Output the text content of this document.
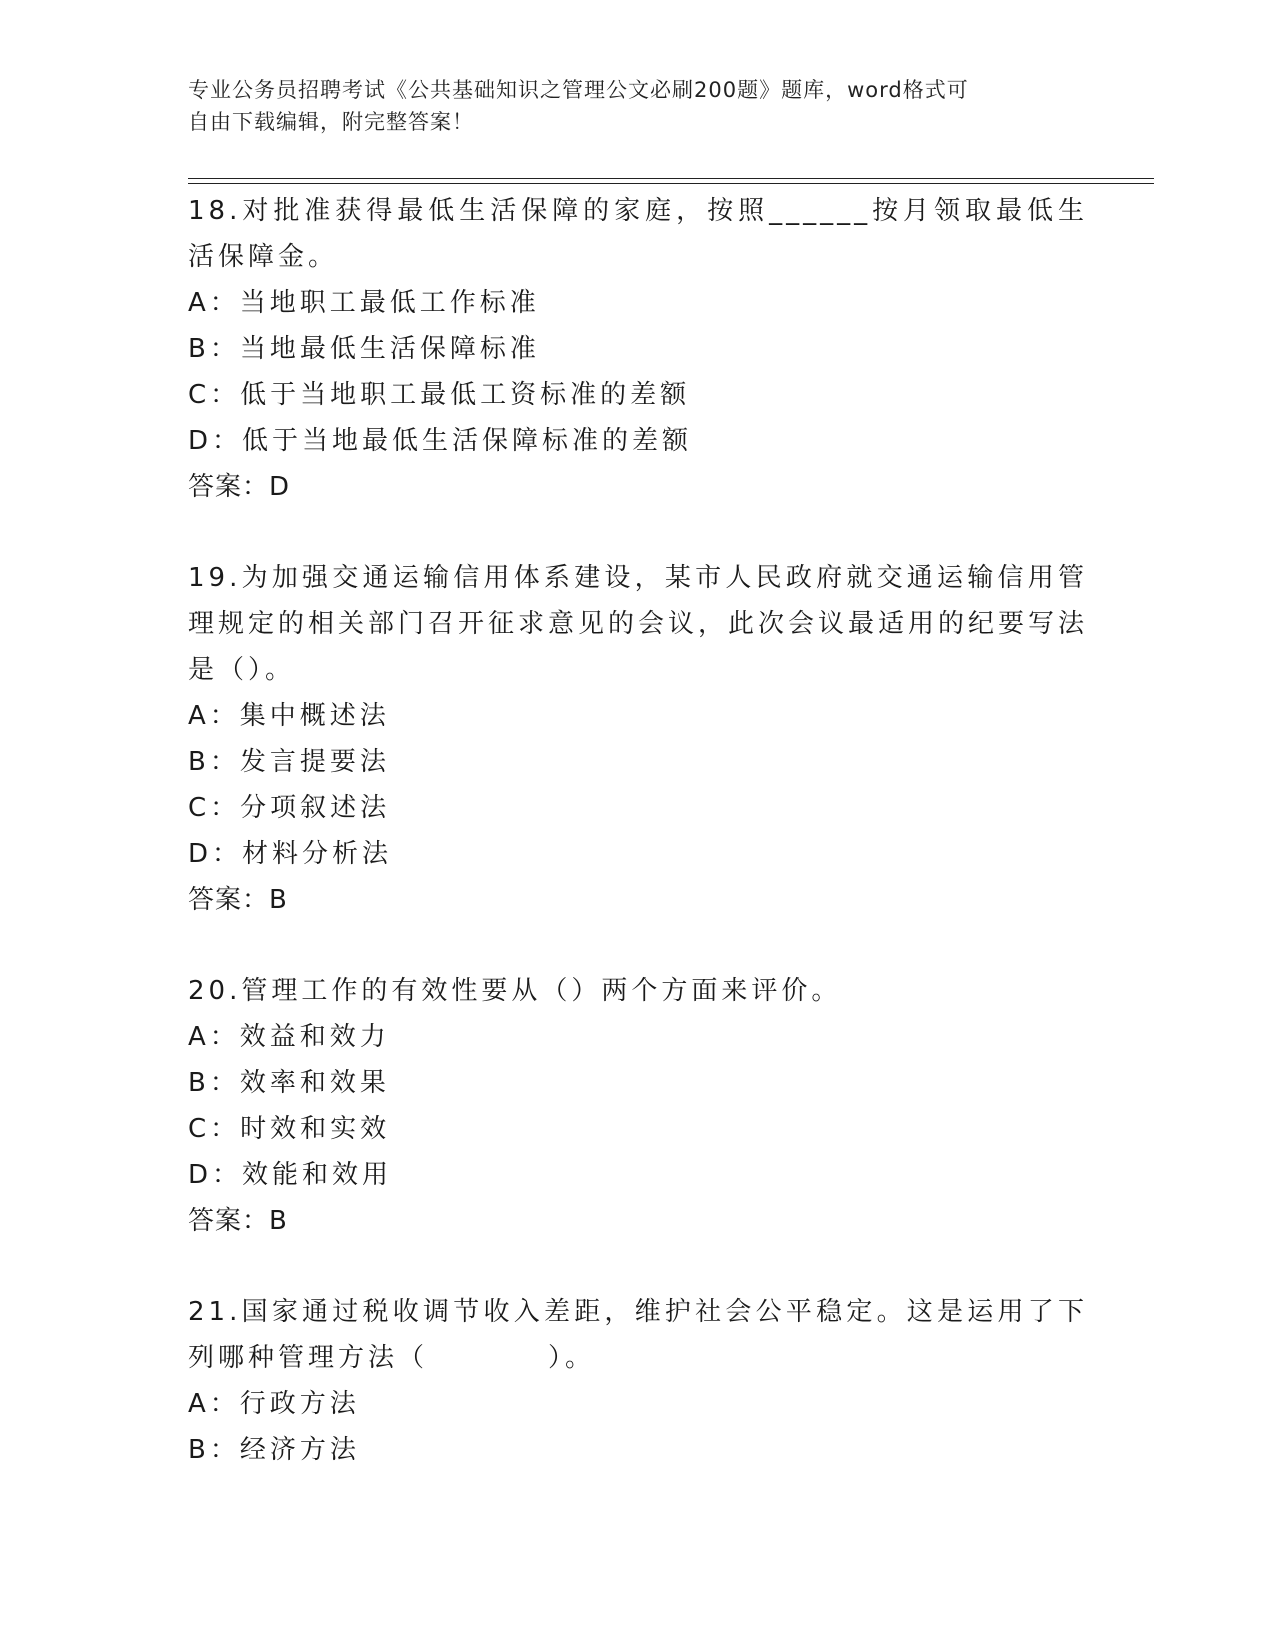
专业公务员招聘考试《公共基础知识之管理公文必刷200题》题库，word格式可
自由下载编辑，附完整答案！
18.对批准获得最低生活保障的家庭，按照______按月领取最低生活保障金。
A：当地职工最低工作标准
B：当地最低生活保障标准
C：低于当地职工最低工资标准的差额
D：低于当地最低生活保障标准的差额
答案：D
19.为加强交通运输信用体系建设，某市人民政府就交通运输信用管理规定的相关部门召开征求意见的会议，此次会议最适用的纪要写法是（）。
A：集中概述法
B：发言提要法
C：分项叙述法
D：材料分析法
答案：B
20.管理工作的有效性要从（）两个方面来评价。
A：效益和效力
B：效率和效果
C：时效和实效
D：效能和效用
答案：B
21.国家通过税收调节收入差距，维护社会公平稳定。这是运用了下列哪种管理方法（　　　　）。
A：行政方法
B：经济方法
